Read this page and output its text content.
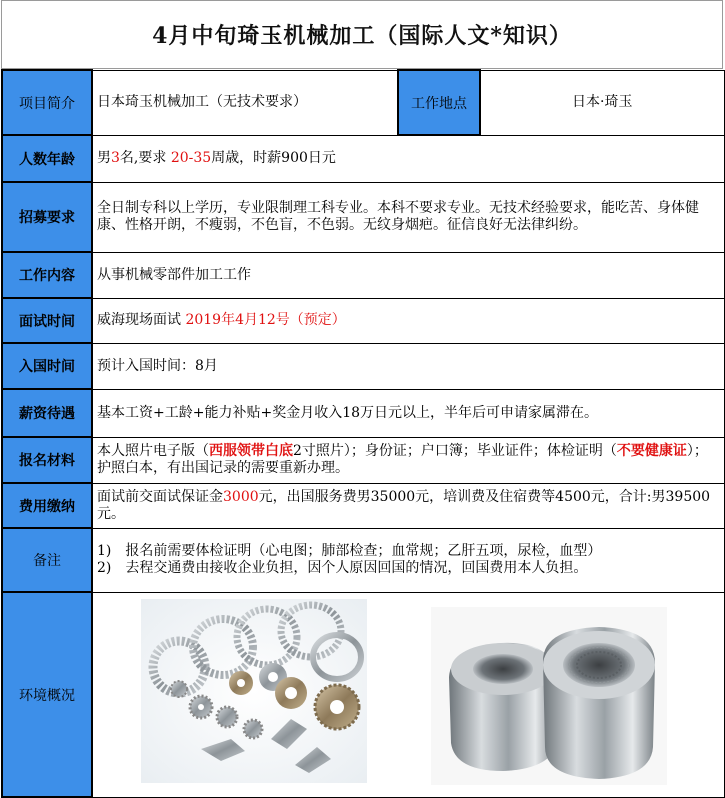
4月中旬琦玉机械加工（国际人文*知识）
项目简介	日本琦玉机械加工（无技术要求）	工作地点	日本·琦玉
人数年龄	男3名,要求 20-35周歳，时薪900日元		
招募要求	全日制专科以上学历，专业限制理工科专业。本科不要求专业。无技术经验要求，能吃苦、身体健康、性格开朗，不瘦弱，不色盲，不色弱。无纹身烟疤。征信良好无法律纠纷。		
工作内容	从事机械零部件加工工作		
面试时间	威海现场面试 2019年4月12号（预定）		
入国时间	预计入国时间：8月		
薪资待遇	基本工资+工龄+能力补贴+奖金月收入18万日元以上，半年后可申请家属滞在。		
报名材料	本人照片电子版（西服领带白底2寸照片）；身份证；户口簿；毕业证件；体检证明（不要健康证）；护照白本，有出国记录的需要重新办理。		
费用缴纳	面试前交面试保证金3000元，出国服务费男35000元，培训费及住宿费等4500元，合计:男39500元。		
备注	1)　报名前需要体检证明（心电图；肺部检查；血常规；乙肝五项，尿检，血型）
2)　去程交通费由接收企业负担，因个人原因回国的情况，回国费用本人负担。		

环境概况	
